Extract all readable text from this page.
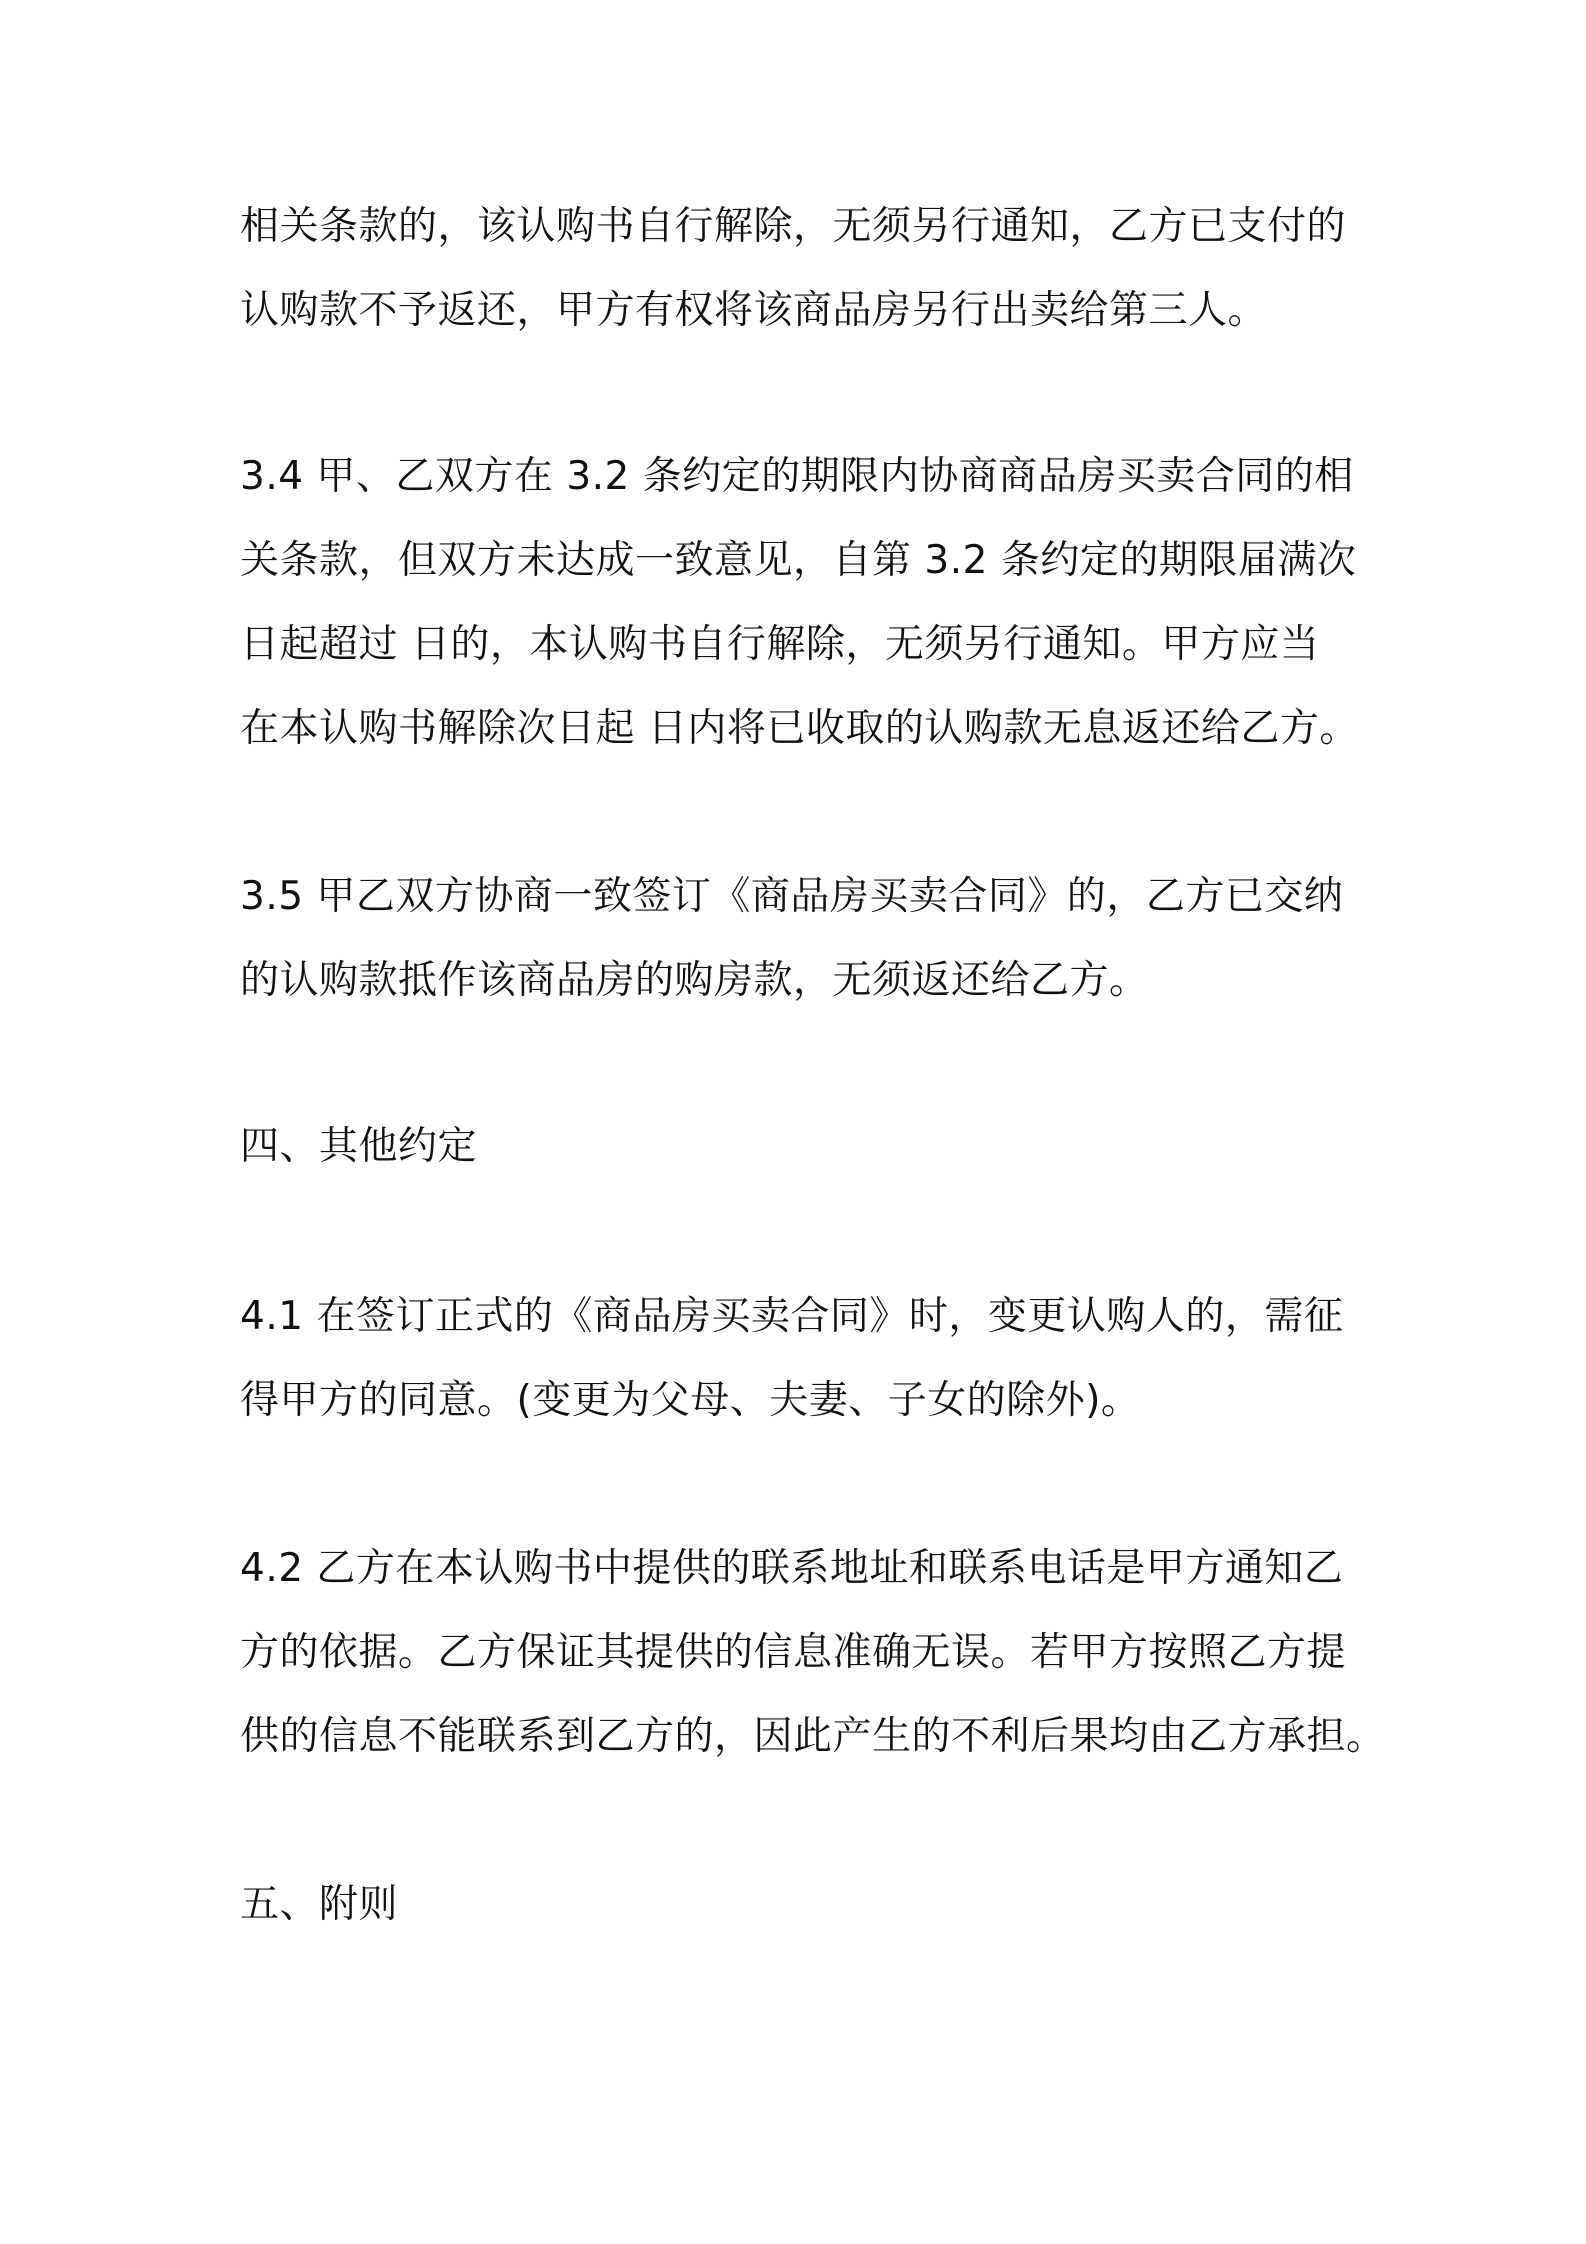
相关条款的，该认购书自行解除，无须另行通知，乙方已支付的
认购款不予返还，甲方有权将该商品房另行出卖给第三人。
3.4 甲、乙双方在 3.2 条约定的期限内协商商品房买卖合同的相
关条款，但双方未达成一致意见，自第 3.2 条约定的期限届满次
日起超过 日的，本认购书自行解除，无须另行通知。甲方应当
在本认购书解除次日起 日内将已收取的认购款无息返还给乙方。
3.5 甲乙双方协商一致签订《商品房买卖合同》的，乙方已交纳
的认购款抵作该商品房的购房款，无须返还给乙方。
四、其他约定
4.1 在签订正式的《商品房买卖合同》时，变更认购人的，需征
得甲方的同意。(变更为父母、夫妻、子女的除外)。
4.2 乙方在本认购书中提供的联系地址和联系电话是甲方通知乙
方的依据。乙方保证其提供的信息准确无误。若甲方按照乙方提
供的信息不能联系到乙方的，因此产生的不利后果均由乙方承担。
五、附则
